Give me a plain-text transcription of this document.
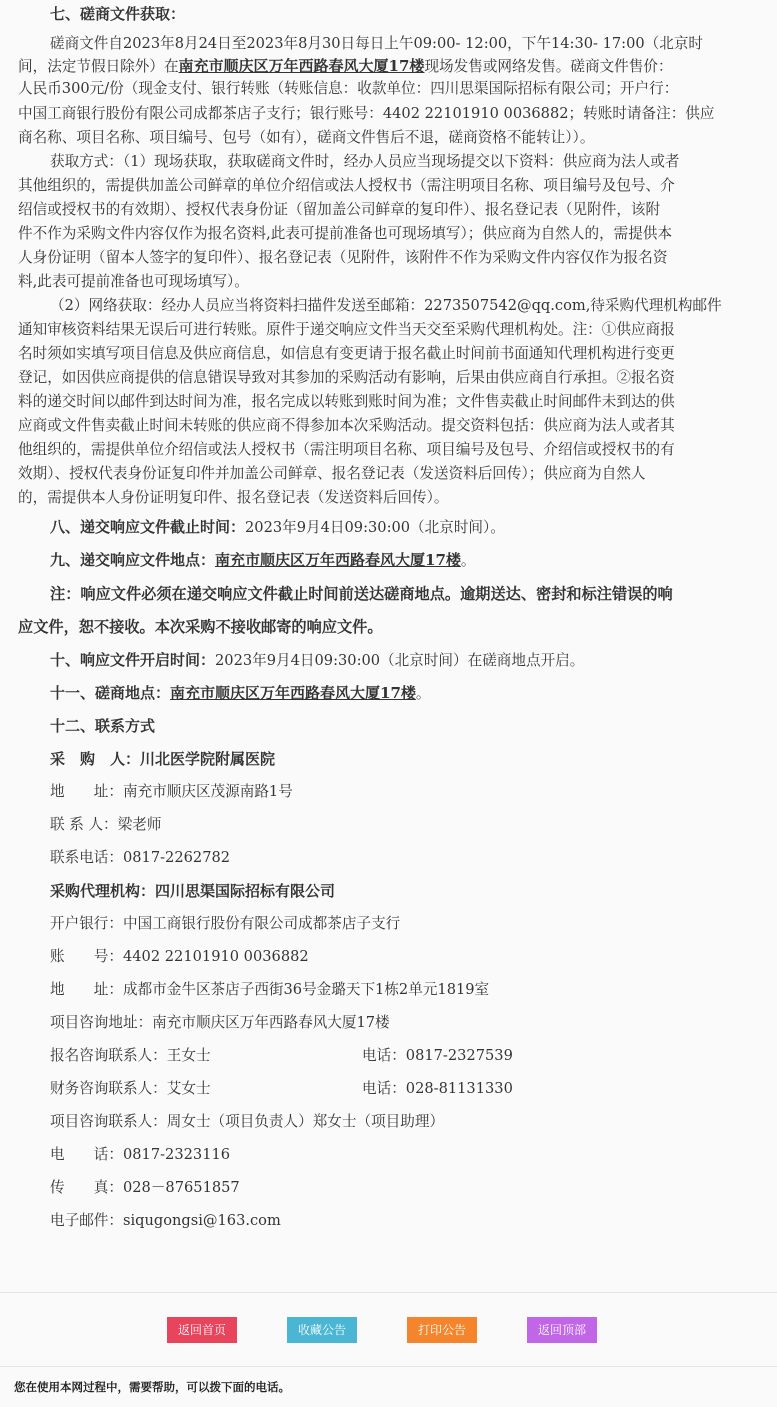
七、磋商文件获取：
磋商文件自2023年8月24日至2023年8月30日每日上午09:00- 12:00，下午14:30- 17:00（北京时
间，法定节假日除外）在南充市顺庆区万年西路春风大厦17楼现场发售或网络发售。磋商文件售价：
人民币300元/份（现金支付、银行转账（转账信息：收款单位：四川思渠国际招标有限公司；开户行：
中国工商银行股份有限公司成都茶店子支行；银行账号：4402 22101910 0036882；转账时请备注：供应
商名称、项目名称、项目编号、包号（如有），磋商文件售后不退，磋商资格不能转让））。
获取方式：（1）现场获取，获取磋商文件时，经办人员应当现场提交以下资料：供应商为法人或者
其他组织的，需提供加盖公司鲜章的单位介绍信或法人授权书（需注明项目名称、项目编号及包号、介
绍信或授权书的有效期）、授权代表身份证（留加盖公司鲜章的复印件）、报名登记表（见附件，该附
件不作为采购文件内容仅作为报名资料,此表可提前准备也可现场填写）；供应商为自然人的，需提供本
人身份证明（留本人签字的复印件）、报名登记表（见附件，该附件不作为采购文件内容仅作为报名资
料,此表可提前准备也可现场填写）。
（2）网络获取：经办人员应当将资料扫描件发送至邮箱：2273507542@qq.com,待采购代理机构邮件
通知审核资料结果无误后可进行转账。原件于递交响应文件当天交至采购代理机构处。注：①供应商报
名时须如实填写项目信息及供应商信息，如信息有变更请于报名截止时间前书面通知代理机构进行变更
登记，如因供应商提供的信息错误导致对其参加的采购活动有影响，后果由供应商自行承担。②报名资
料的递交时间以邮件到达时间为准，报名完成以转账到账时间为准；文件售卖截止时间邮件未到达的供
应商或文件售卖截止时间未转账的供应商不得参加本次采购活动。提交资料包括：供应商为法人或者其
他组织的，需提供单位介绍信或法人授权书（需注明项目名称、项目编号及包号、介绍信或授权书的有
效期）、授权代表身份证复印件并加盖公司鲜章、报名登记表（发送资料后回传）；供应商为自然人
的，需提供本人身份证明复印件、报名登记表（发送资料后回传）。
八、递交响应文件截止时间：2023年9月4日09:30:00（北京时间）。
九、递交响应文件地点：南充市顺庆区万年西路春风大厦17楼。
注：响应文件必须在递交响应文件截止时间前送达磋商地点。逾期送达、密封和标注错误的响
应文件，恕不接收。本次采购不接收邮寄的响应文件。
十、响应文件开启时间：2023年9月4日09:30:00（北京时间）在磋商地点开启。
十一、磋商地点：南充市顺庆区万年西路春风大厦17楼。
十二、联系方式
采　购　人：川北医学院附属医院
地　　址：南充市顺庆区茂源南路1号
联 系 人：梁老师
联系电话：0817-2262782
采购代理机构：四川思渠国际招标有限公司
开户银行：中国工商银行股份有限公司成都茶店子支行
账　　号：4402 22101910 0036882
地　　址：成都市金牛区茶店子西街36号金璐天下1栋2单元1819室
项目咨询地址：南充市顺庆区万年西路春风大厦17楼
报名咨询联系人：王女士	电话：0817-2327539
财务咨询联系人：艾女士	电话：028-81131330
项目咨询联系人：周女士（项目负责人）郑女士（项目助理）
电　　话：0817-2323116
传　　真：028－87651857
电子邮件：siqugongsi@163.com
返回首页	收藏公告	打印公告	返回顶部
您在使用本网过程中，需要帮助，可以拨下面的电话。
